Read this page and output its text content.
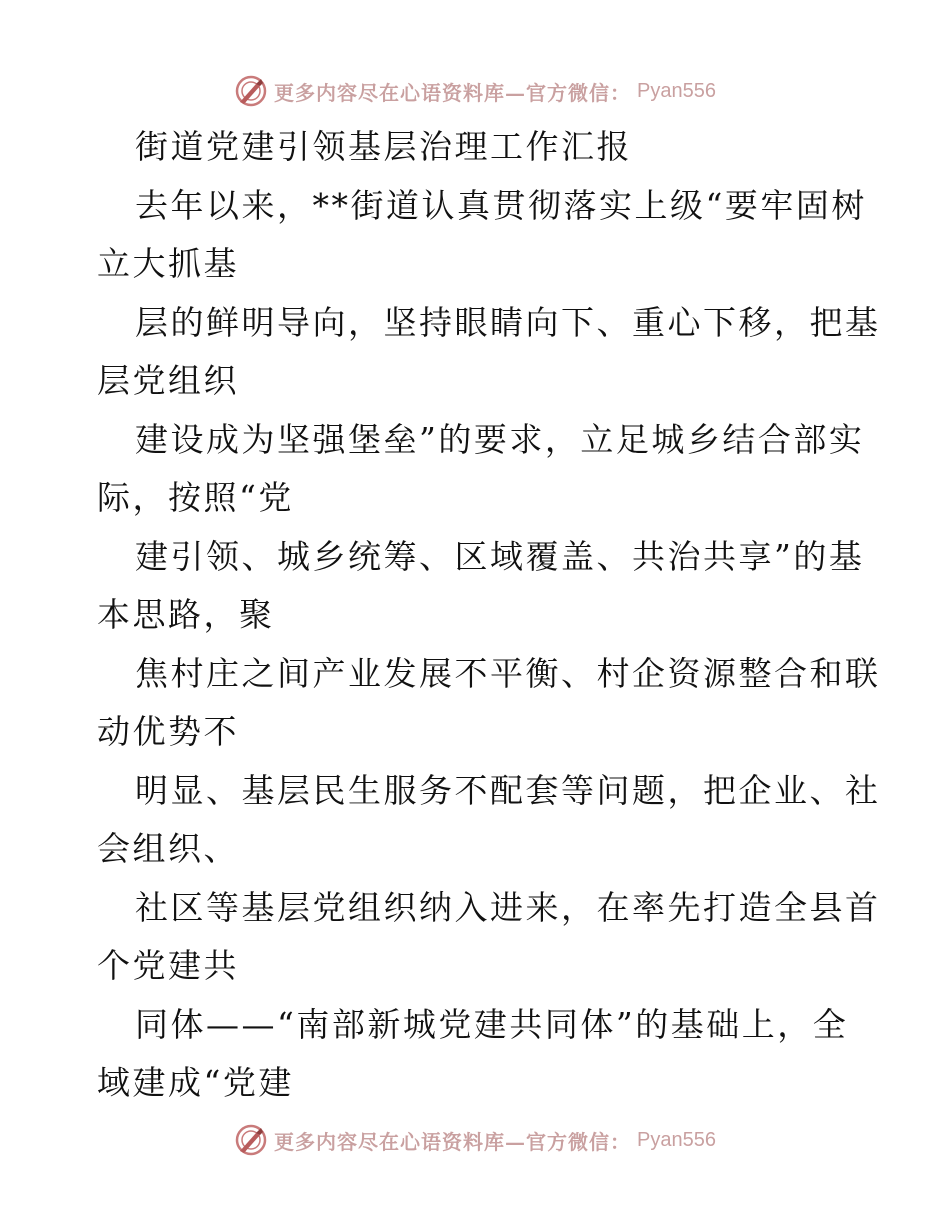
更多内容尽在心语资料库—官方微信： Pyan556

街道党建引领基层治理工作汇报

去年以来，**街道认真贯彻落实上级“要牢固树

立大抓基

层的鲜明导向，坚持眼睛向下、重心下移，把基

层党组织

建设成为坚强堡垒”的要求，立足城乡结合部实

际，按照“党

建引领、城乡统筹、区域覆盖、共治共享”的基

本思路，聚

焦村庄之间产业发展不平衡、村企资源整合和联

动优势不

明显、基层民生服务不配套等问题，把企业、社

会组织、

社区等基层党组织纳入进来，在率先打造全县首

个党建共

同体——“南部新城党建共同体”的基础上，全

域建成“党建

更多内容尽在心语资料库—官方微信： Pyan556
